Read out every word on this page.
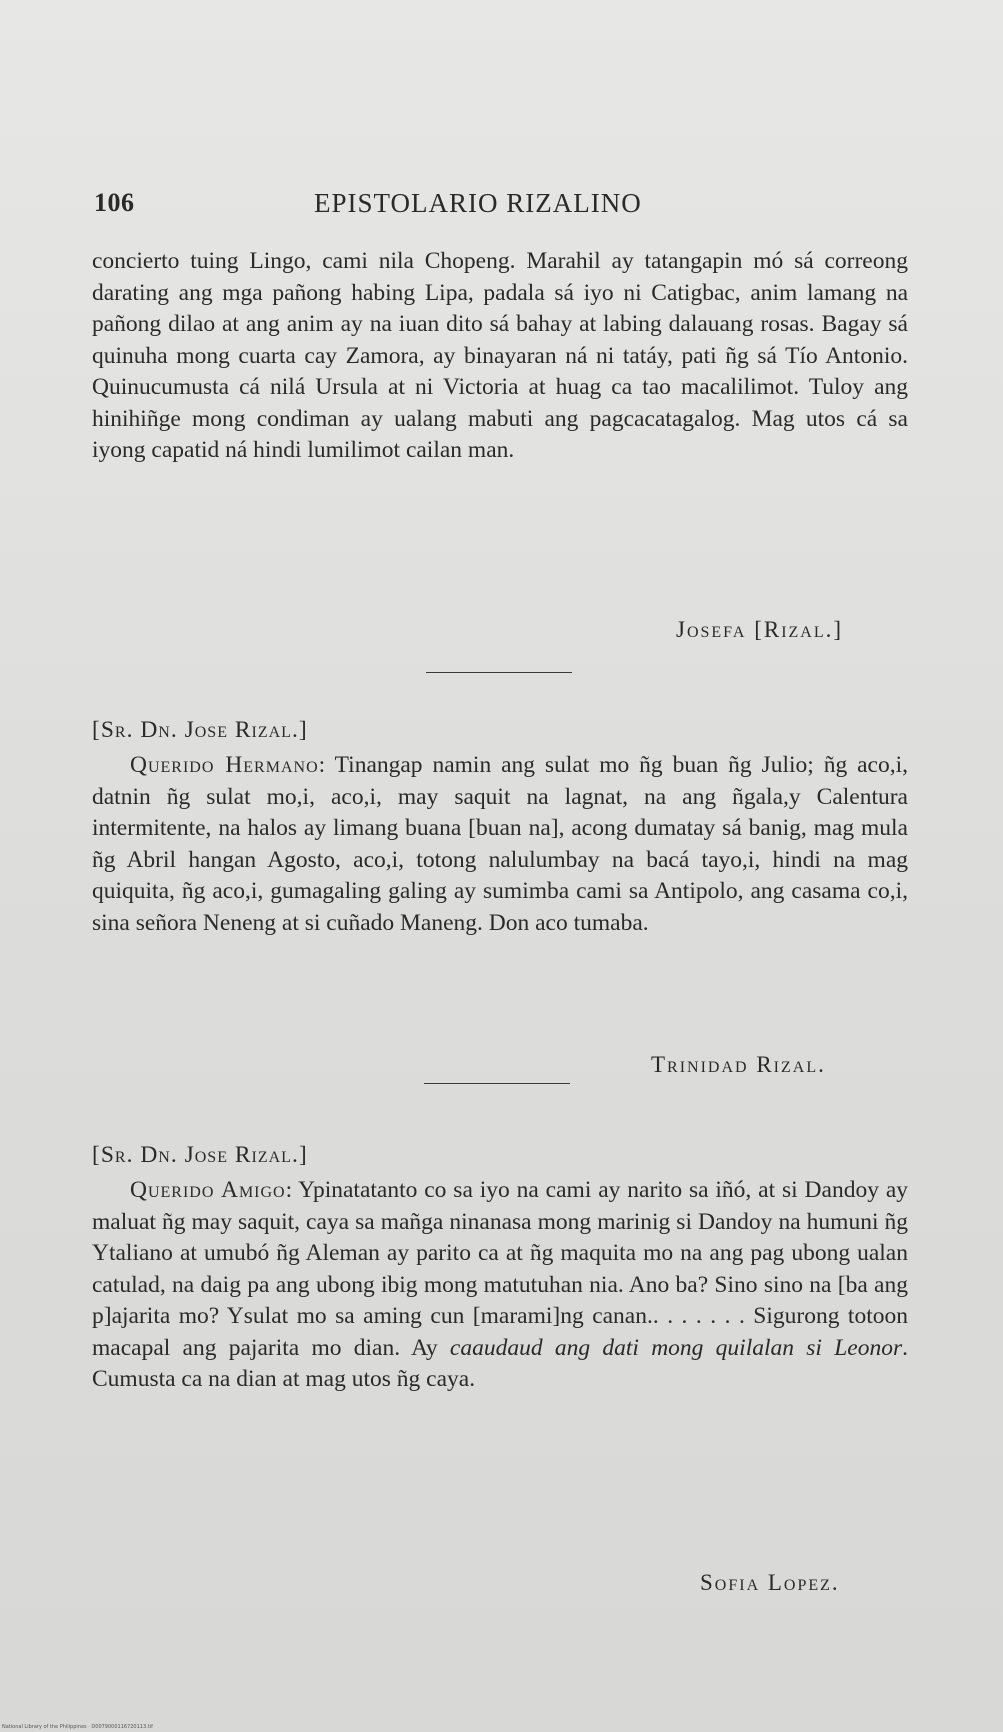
106	EPISTOLARIO RIZALINO
concierto tuing Lingo, cami nila Chopeng. Marahil ay tatangapin mó sá correong darating ang mga pañong habing Lipa, padala sá iyo ni Catigbac, anim lamang na pañong dilao at ang anim ay na iuan dito sá bahay at labing dalauang rosas. Bagay sá quinuha mong cuarta cay Zamora, ay binayaran ná ni tatáy, pati ñg sá Tío Antonio. Quinucumusta cá nilá Ursula at ni Victoria at huag ca tao macalilimot. Tuloy ang hinihiñge mong condiman ay ualang mabuti ang pagcacatagalog. Mag utos cá sa iyong capatid ná hindi lumilimot cailan man.
Josefa [Rizal.]
[Sr. Dn. Jose Rizal.]
Querido Hermano: Tinangap namin ang sulat mo ñg buan ñg Julio; ñg aco,i, datnin ñg sulat mo,i, aco,i, may saquit na lagnat, na ang ñgala,y Calentura intermitente, na halos ay limang buana [buan na], acong dumatay sá banig, mag mula ñg Abril hangan Agosto, aco,i, totong nalulumbay na bacá tayo,i, hindi na mag quiquita, ñg aco,i, gumagaling galing ay sumimba cami sa Antipolo, ang casama co,i, sina señora Neneng at si cuñado Maneng. Don aco tumaba.
Trinidad Rizal.
[Sr. Dn. Jose Rizal.]
Querido Amigo: Ypinatatanto co sa iyo na cami ay narito sa iñó, at si Dandoy ay maluat ñg may saquit, caya sa mañga ninanasa mong marinig si Dandoy na humuni ñg Ytaliano at umubó ñg Aleman ay parito ca at ñg maquita mo na ang pag ubong ualan catulad, na daig pa ang ubong ibig mong matutuhan nia. Ano ba? Sino sino na [ba ang p]ajarita mo? Ysulat mo sa aming cun [marami]ng canan.. . . . . . . Sigurong totoon macapal ang pajarita mo dian. Ay caaudaud ang dati mong quilalan si Leonor. Cumusta ca na dian at mag utos ñg caya.
Sofia Lopez.
National Library of the Philippines · D0079000116720113.tif
